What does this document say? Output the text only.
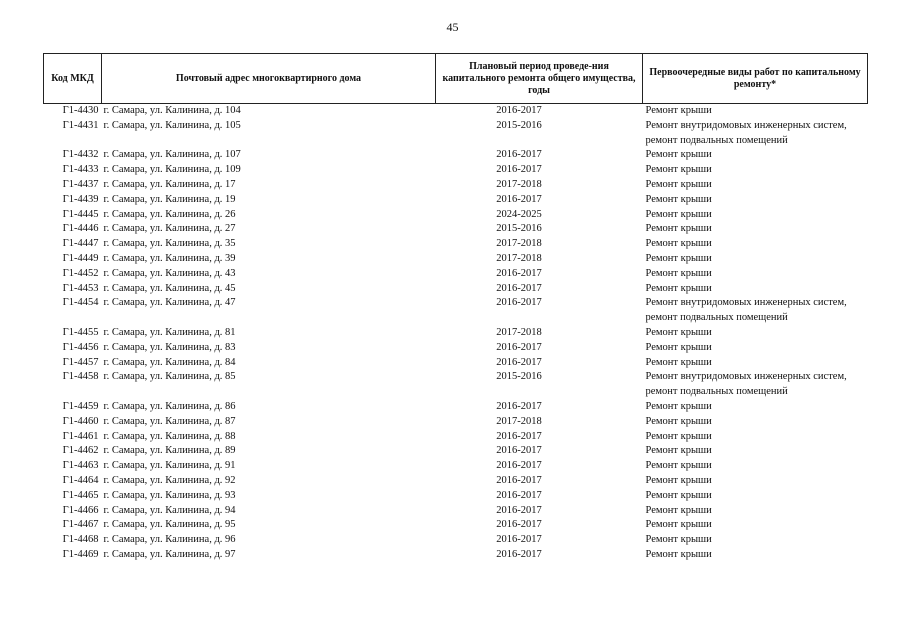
45
Код МКД	Почтовый адрес многоквартирного дома	Плановый период проведе-ния капитального ремонта общего имущества, годы	Первоочередные виды работ по капитальному ремонту*
Г1-4430	г. Самара, ул. Калинина, д. 104	2016-2017	Ремонт крыши

Г1-4431	г. Самара, ул. Калинина, д. 105	2015-2016	Ремонт внутридомовых инженерных систем,
ремонт подвальных помещений

Г1-4432	г. Самара, ул. Калинина, д. 107	2016-2017	Ремонт крыши

Г1-4433	г. Самара, ул. Калинина, д. 109	2016-2017	Ремонт крыши

Г1-4437	г. Самара, ул. Калинина, д. 17	2017-2018	Ремонт крыши

Г1-4439	г. Самара, ул. Калинина, д. 19	2016-2017	Ремонт крыши

Г1-4445	г. Самара, ул. Калинина, д. 26	2024-2025	Ремонт крыши

Г1-4446	г. Самара, ул. Калинина, д. 27	2015-2016	Ремонт крыши

Г1-4447	г. Самара, ул. Калинина, д. 35	2017-2018	Ремонт крыши

Г1-4449	г. Самара, ул. Калинина, д. 39	2017-2018	Ремонт крыши

Г1-4452	г. Самара, ул. Калинина, д. 43	2016-2017	Ремонт крыши

Г1-4453	г. Самара, ул. Калинина, д. 45	2016-2017	Ремонт крыши

Г1-4454	г. Самара, ул. Калинина, д. 47	2016-2017	Ремонт внутридомовых инженерных систем,
ремонт подвальных помещений

Г1-4455	г. Самара, ул. Калинина, д. 81	2017-2018	Ремонт крыши

Г1-4456	г. Самара, ул. Калинина, д. 83	2016-2017	Ремонт крыши

Г1-4457	г. Самара, ул. Калинина, д. 84	2016-2017	Ремонт крыши

Г1-4458	г. Самара, ул. Калинина, д. 85	2015-2016	Ремонт внутридомовых инженерных систем,
ремонт подвальных помещений

Г1-4459	г. Самара, ул. Калинина, д. 86	2016-2017	Ремонт крыши

Г1-4460	г. Самара, ул. Калинина, д. 87	2017-2018	Ремонт крыши

Г1-4461	г. Самара, ул. Калинина, д. 88	2016-2017	Ремонт крыши

Г1-4462	г. Самара, ул. Калинина, д. 89	2016-2017	Ремонт крыши

Г1-4463	г. Самара, ул. Калинина, д. 91	2016-2017	Ремонт крыши

Г1-4464	г. Самара, ул. Калинина, д. 92	2016-2017	Ремонт крыши

Г1-4465	г. Самара, ул. Калинина, д. 93	2016-2017	Ремонт крыши

Г1-4466	г. Самара, ул. Калинина, д. 94	2016-2017	Ремонт крыши

Г1-4467	г. Самара, ул. Калинина, д. 95	2016-2017	Ремонт крыши

Г1-4468	г. Самара, ул. Калинина, д. 96	2016-2017	Ремонт крыши

Г1-4469	г. Самара, ул. Калинина, д. 97	2016-2017	Ремонт крыши
